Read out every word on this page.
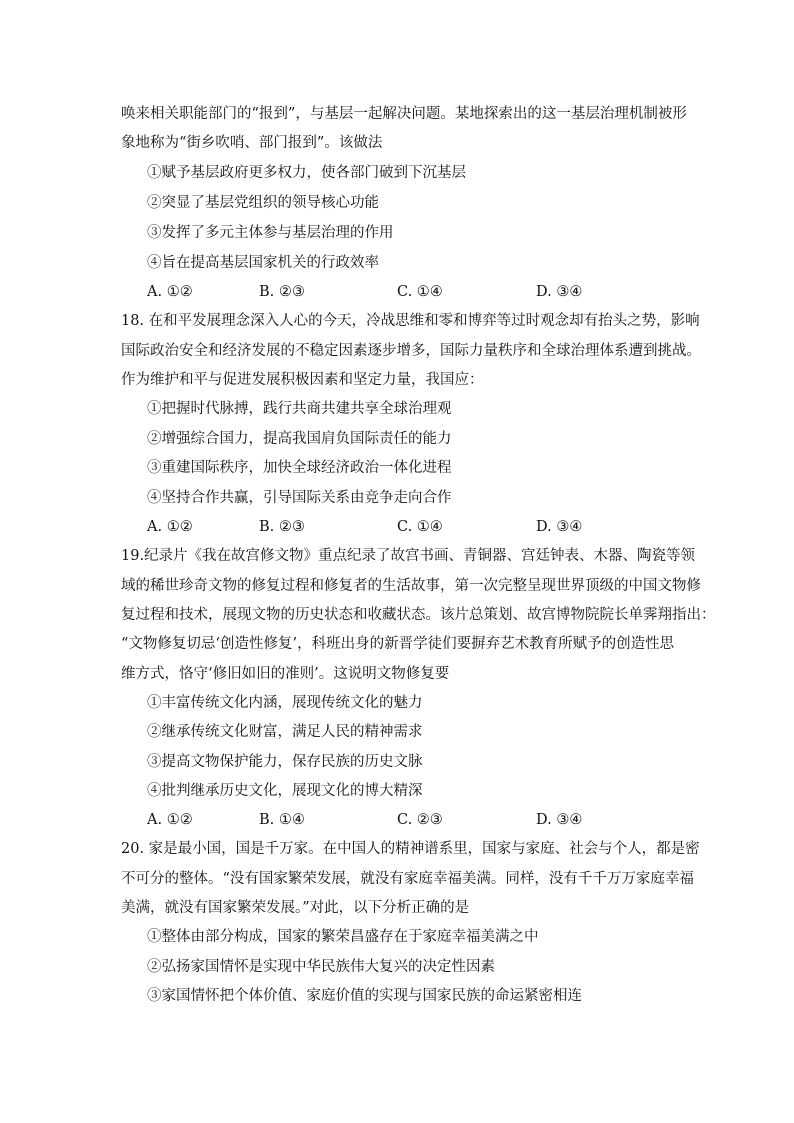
唤来相关职能部门的“报到”，与基层一起解决问题。某地探索出的这一基层治理机制被形
象地称为“街乡吹哨、部门报到”。该做法
①赋予基层政府更多权力，使各部门破到下沉基层
②突显了基层党组织的领导核心功能
③发挥了多元主体参与基层治理的作用
④旨在提高基层国家机关的行政效率
A. ①②	B. ②③	C. ①④	D. ③④
18. 在和平发展理念深入人心的今天，冷战思维和零和博弈等过时观念却有抬头之势，影响
国际政治安全和经济发展的不稳定因素逐步增多，国际力量秩序和全球治理体系遭到挑战。
作为维护和平与促进发展积极因素和坚定力量，我国应：
①把握时代脉搏，践行共商共建共享全球治理观
②增强综合国力，提高我国肩负国际责任的能力
③重建国际秩序，加快全球经济政治一体化进程
④坚持合作共赢，引导国际关系由竞争走向合作
A. ①②	B. ②③	C. ①④	D. ③④
19.纪录片《我在故宫修文物》重点纪录了故宫书画、青铜器、宫廷钟表、木器、陶瓷等领
域的稀世珍奇文物的修复过程和修复者的生活故事，第一次完整呈现世界顶级的中国文物修
复过程和技术，展现文物的历史状态和收藏状态。该片总策划、故宫博物院院长单霁翔指出：
“文物修复切忌‘创造性修复’，科班出身的新晋学徒们要摒弃艺术教育所赋予的创造性思
维方式，恪守‘修旧如旧的准则’。这说明文物修复要
①丰富传统文化内涵，展现传统文化的魅力
②继承传统文化财富，满足人民的精神需求
③提高文物保护能力，保存民族的历史文脉
④批判继承历史文化，展现文化的博大精深
A. ①②	B. ①④	C. ②③	D. ③④
20. 家是最小国，国是千万家。在中国人的精神谱系里，国家与家庭、社会与个人，都是密
不可分的整体。“没有国家繁荣发展，就没有家庭幸福美满。同样，没有千千万万家庭幸福
美满，就没有国家繁荣发展。”对此，以下分析正确的是
①整体由部分构成，国家的繁荣昌盛存在于家庭幸福美满之中
②弘扬家国情怀是实现中华民族伟大复兴的决定性因素
③家国情怀把个体价值、家庭价值的实现与国家民族的命运紧密相连
